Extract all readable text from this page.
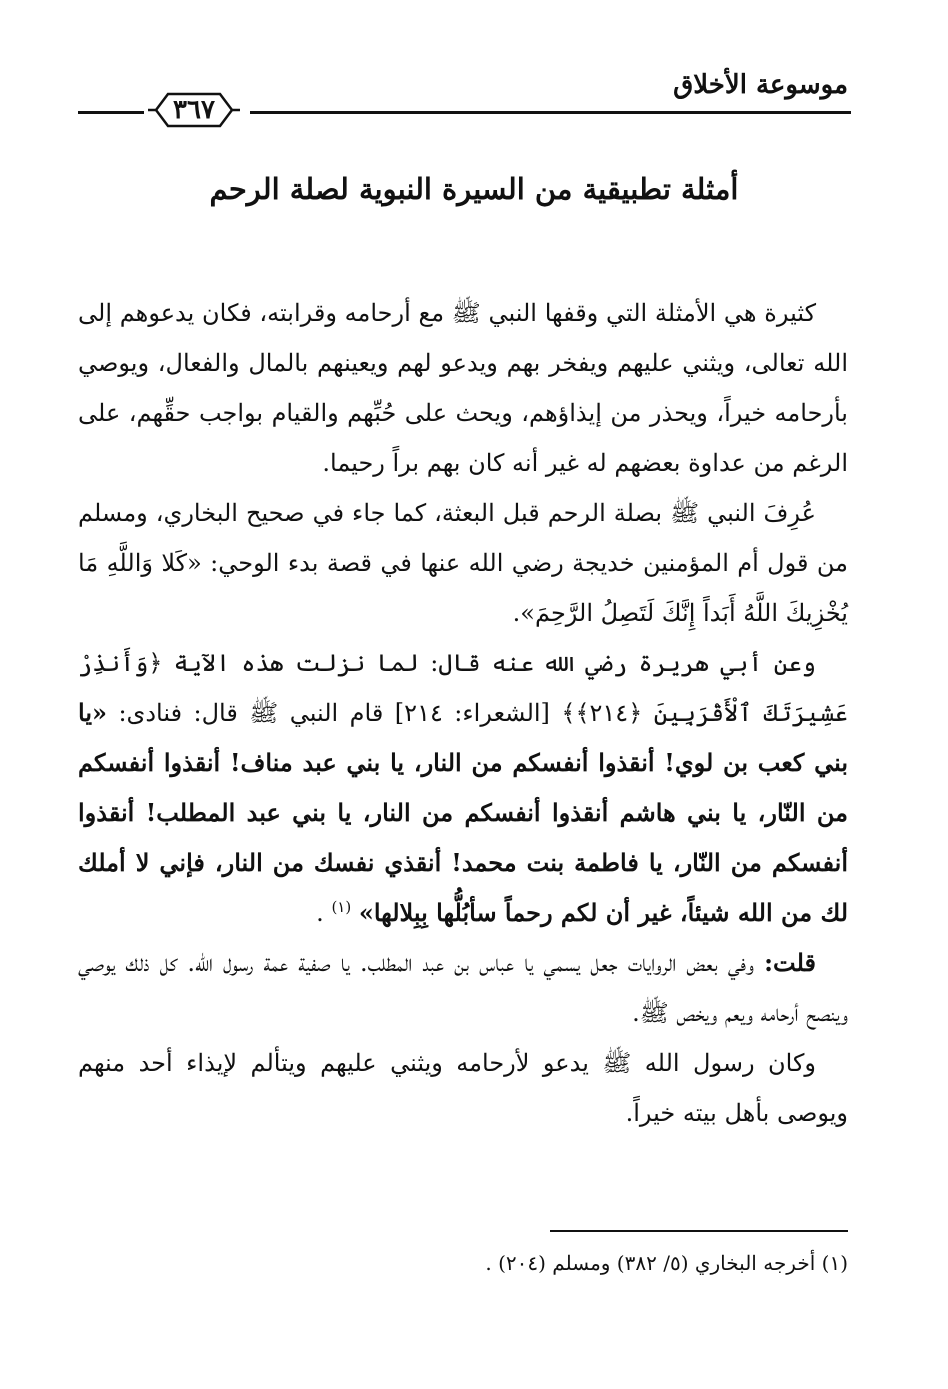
موسوعة الأخلاق
٣٦٧
أمثلة تطبيقية من السيرة النبوية لصلة الرحم

كثيرة هي الأمثلة التي وقفها النبي ﷺ مع أرحامه وقرابته، فكان يدعوهم إلى الله تعالى، ويثني عليهم ويفخر بهم ويدعو لهم ويعينهم بالمال والفعال، ويوصي بأرحامه خيراً، ويحذر من إيذاؤهم، ويحث على حُبِّهم والقيام بواجب حقِّهم، على الرغم من عداوة بعضهم له غير أنه كان بهم براً رحيما.

عُرِفَ النبي ﷺ بصلة الرحم قبل البعثة، كما جاء في صحيح البخاري، ومسلم من قول أم المؤمنين خديجة رضي الله عنها في قصة بدء الوحي: «كَلا وَاللَّهِ مَا يُخْزِيكَ اللَّهُ أَبَداً إِنَّكَ لَتَصِلُ الرَّحِمَ».

وعن أبي هريرة رضي الله عنه قال: لما نزلت هذه الآية ﴿وَأَنذِرْ عَشِيرَتَكَ ٱلْأَقْرَبِينَ ﴿٢١٤﴾﴾ [الشعراء: ٢١٤] قام النبي ﷺ قال: فنادى: «يا بني كعب بن لوي! أنقذوا أنفسكم من النار، يا بني عبد مناف! أنقذوا أنفسكم من النّار، يا بني هاشم أنقذوا أنفسكم من النار، يا بني عبد المطلب! أنقذوا أنفسكم من النّار، يا فاطمة بنت محمد! أنقذي نفسك من النار، فإني لا أملك لك من الله شيئاً، غير أن لكم رحماً سأبُلُّها بِبِلالها» $^{(١)}$ .

قلت: وفي بعض الروايات جعل يسمي يا عباس بن عبد المطلب. يا صفية عمة رسول الله. كل ذلك يوصي وينصح أرحامه ويعم ويخص ﷺ.

وكان رسول الله ﷺ يدعو لأرحامه ويثني عليهم ويتألم لإيذاء أحد منهم ويوصى بأهل بيته خيراً.

(١) أخرجه البخاري (٥/ ٣٨٢) ومسلم (٢٠٤) .
